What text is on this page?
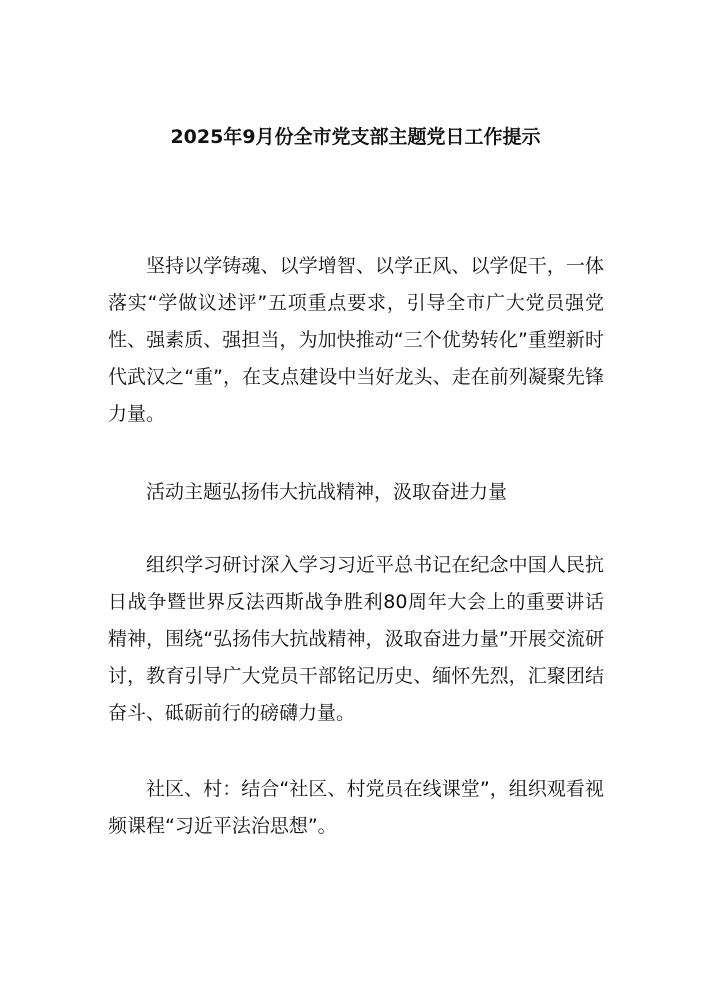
2025年9月份全市党支部主题党日工作提示

坚持以学铸魂、以学增智、以学正风、以学促干，一体落实“学做议述评”五项重点要求，引导全市广大党员强党性、强素质、强担当，为加快推动“三个优势转化”重塑新时代武汉之“重”，在支点建设中当好龙头、走在前列凝聚先锋力量。

活动主题弘扬伟大抗战精神，汲取奋进力量

组织学习研讨深入学习习近平总书记在纪念中国人民抗日战争暨世界反法西斯战争胜利80周年大会上的重要讲话精神，围绕“弘扬伟大抗战精神，汲取奋进力量”开展交流研讨，教育引导广大党员干部铭记历史、缅怀先烈，汇聚团结奋斗、砥砺前行的磅礴力量。

社区、村：结合“社区、村党员在线课堂”，组织观看视频课程“习近平法治思想”。
